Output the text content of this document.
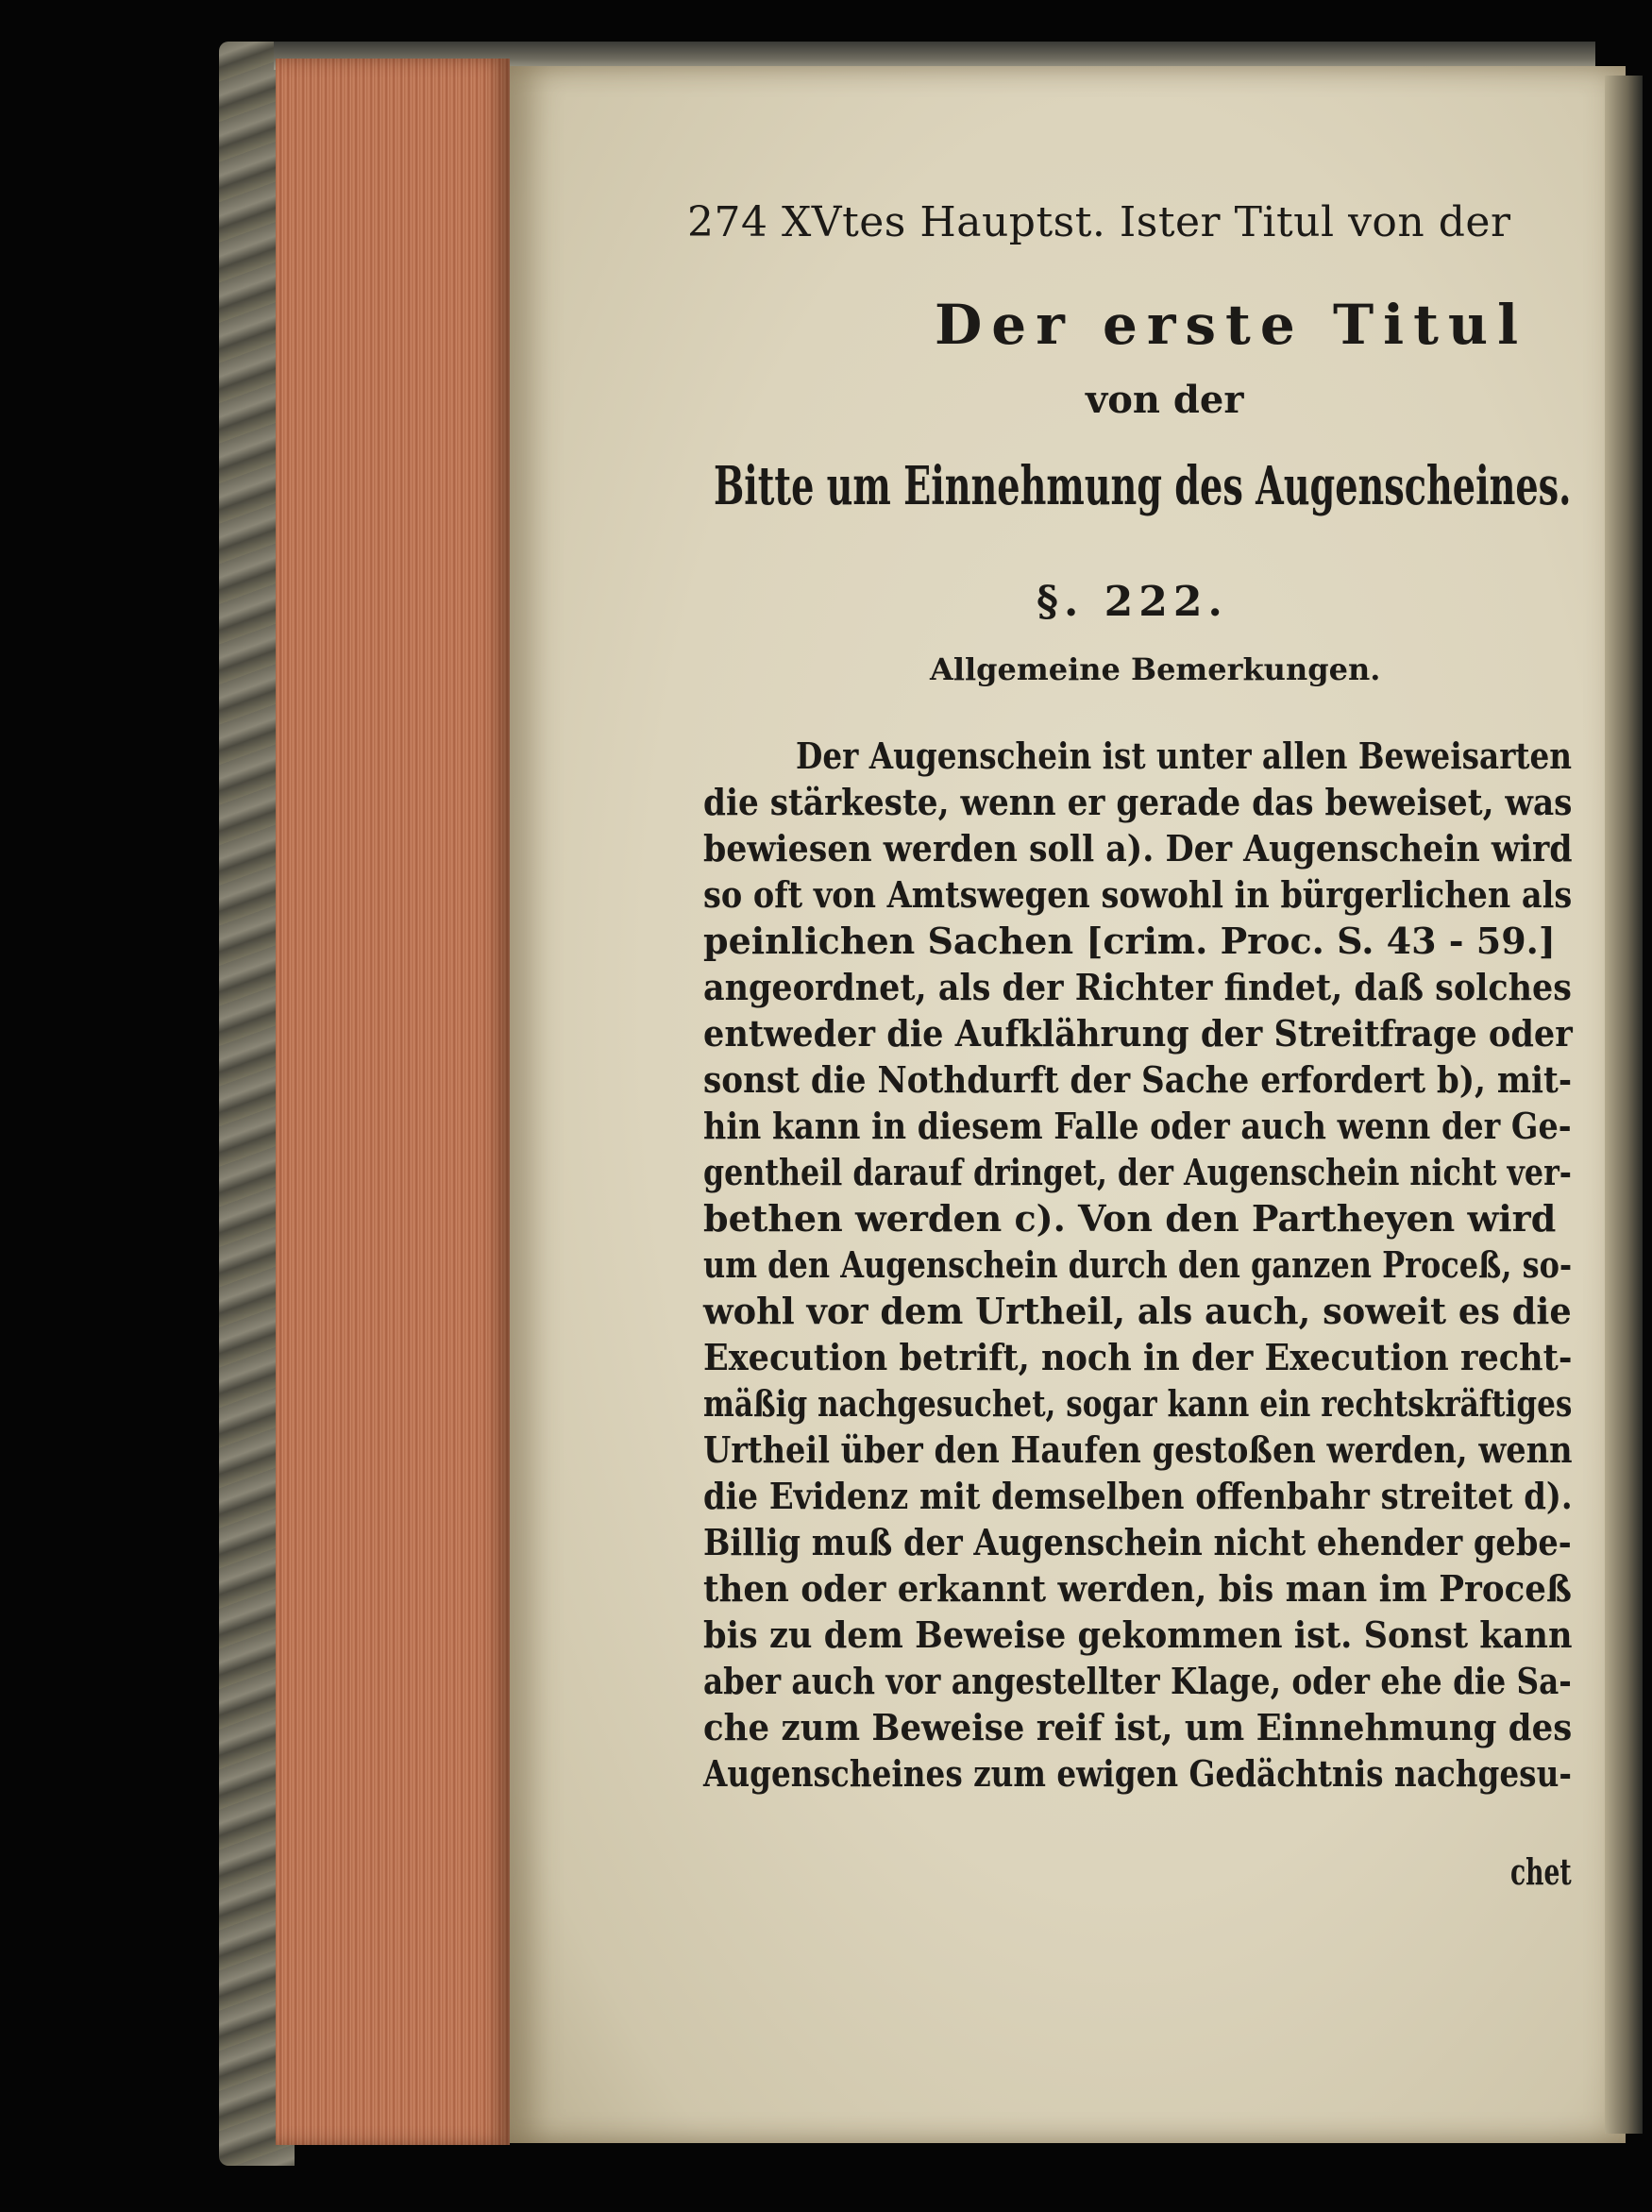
274 XVtes Hauptst. Ister Titul von der
Der erste Titul
von der
Bitte um Einnehmung des Augenscheines.
§. 222.
Allgemeine Bemerkungen.
Der Augenschein ist unter allen Beweisarten
die stärkeste, wenn er gerade das beweiset, was
bewiesen werden soll a). Der Augenschein wird
so oft von Amtswegen sowohl in bürgerlichen als
peinlichen Sachen [crim. Proc. S. 43 - 59.]
angeordnet, als der Richter findet, daß solches
entweder die Aufklährung der Streitfrage oder
sonst die Nothdurft der Sache erfordert b), mit-
hin kann in diesem Falle oder auch wenn der Ge-
gentheil darauf dringet, der Augenschein nicht ver-
bethen werden c). Von den Partheyen wird
um den Augenschein durch den ganzen Proceß, so-
wohl vor dem Urtheil, als auch, soweit es die
Execution betrift, noch in der Execution recht-
mäßig nachgesuchet, sogar kann ein rechtskräftiges
Urtheil über den Haufen gestoßen werden, wenn
die Evidenz mit demselben offenbahr streitet d).
Billig muß der Augenschein nicht ehender gebe-
then oder erkannt werden, bis man im Proceß
bis zu dem Beweise gekommen ist. Sonst kann
aber auch vor angestellter Klage, oder ehe die Sa-
che zum Beweise reif ist, um Einnehmung des
Augenscheines zum ewigen Gedächtnis nachgesu-
chet
